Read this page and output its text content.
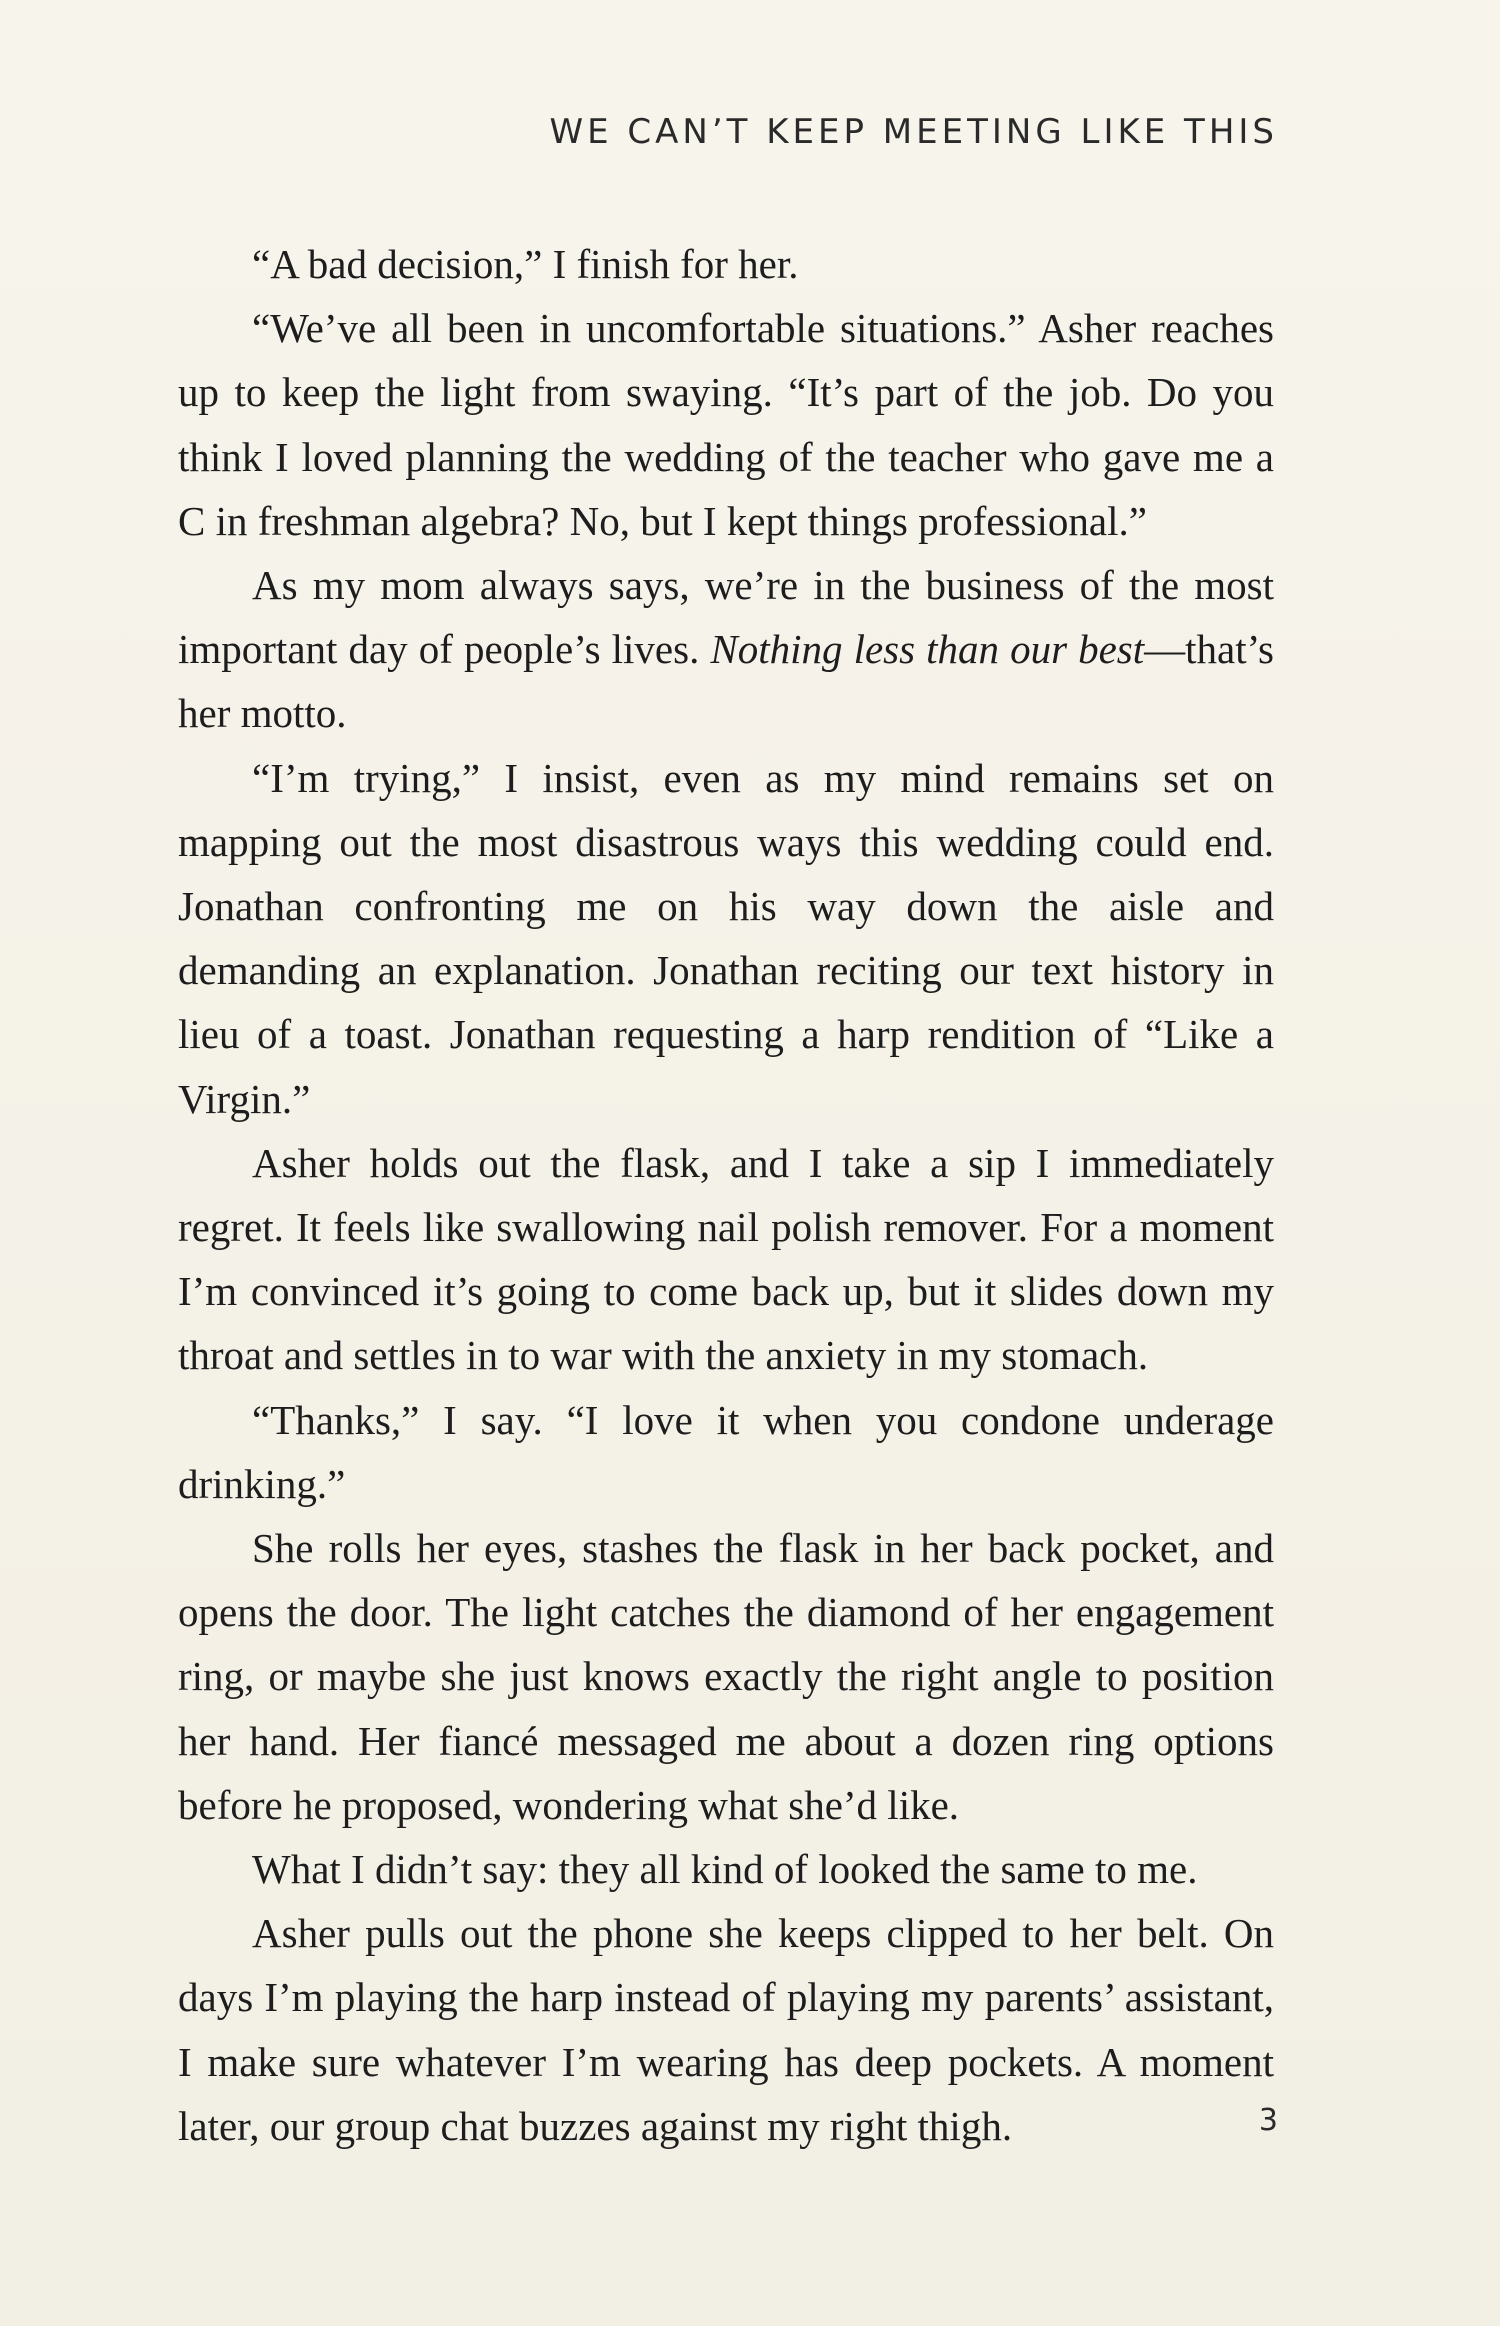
WE CAN’T KEEP MEETING LIKE THIS

“A bad decision,” I finish for her.

“We’ve all been in uncomfortable situations.” Asher reaches up to keep the light from swaying. “It’s part of the job. Do you think I loved planning the wedding of the teacher who gave me a C in freshman algebra? No, but I kept things professional.”

As my mom always says, we’re in the business of the most important day of people’s lives. Nothing less than our best—that’s her motto.

“I’m trying,” I insist, even as my mind remains set on mapping out the most disastrous ways this wedding could end. Jonathan confronting me on his way down the aisle and demanding an explanation. Jonathan reciting our text history in lieu of a toast. Jonathan requesting a harp rendition of “Like a Virgin.”

Asher holds out the flask, and I take a sip I immediately regret. It feels like swallowing nail polish remover. For a moment I’m convinced it’s going to come back up, but it slides down my throat and settles in to war with the anxiety in my stomach.

“Thanks,” I say. “I love it when you condone underage drinking.”

She rolls her eyes, stashes the flask in her back pocket, and opens the door. The light catches the diamond of her engagement ring, or maybe she just knows exactly the right angle to position her hand. Her fiancé messaged me about a dozen ring options before he proposed, wondering what she’d like.

What I didn’t say: they all kind of looked the same to me.

Asher pulls out the phone she keeps clipped to her belt. On days I’m playing the harp instead of playing my parents’ assistant, I make sure whatever I’m wearing has deep pockets. A moment later, our group chat buzzes against my right thigh.	3
